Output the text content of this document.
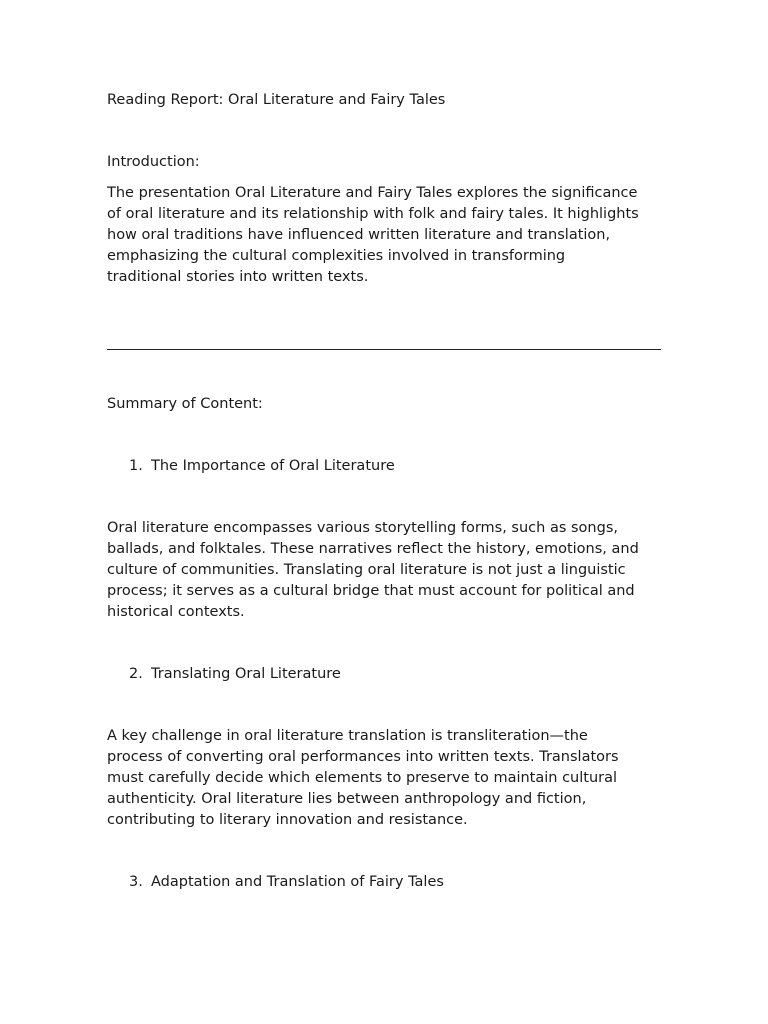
Reading Report: Oral Literature and Fairy Tales
Introduction:

The presentation Oral Literature and Fairy Tales explores the significance

of oral literature and its relationship with folk and fairy tales. It highlights

how oral traditions have influenced written literature and translation,

emphasizing the cultural complexities involved in transforming

traditional stories into written texts.

Summary of Content:
1. The Importance of Oral Literature

Oral literature encompasses various storytelling forms, such as songs,

ballads, and folktales. These narratives reflect the history, emotions, and

culture of communities. Translating oral literature is not just a linguistic

process; it serves as a cultural bridge that must account for political and

historical contexts.

2. Translating Oral Literature

A key challenge in oral literature translation is transliteration—the

process of converting oral performances into written texts. Translators

must carefully decide which elements to preserve to maintain cultural

authenticity. Oral literature lies between anthropology and fiction,

contributing to literary innovation and resistance.

3. Adaptation and Translation of Fairy Tales
